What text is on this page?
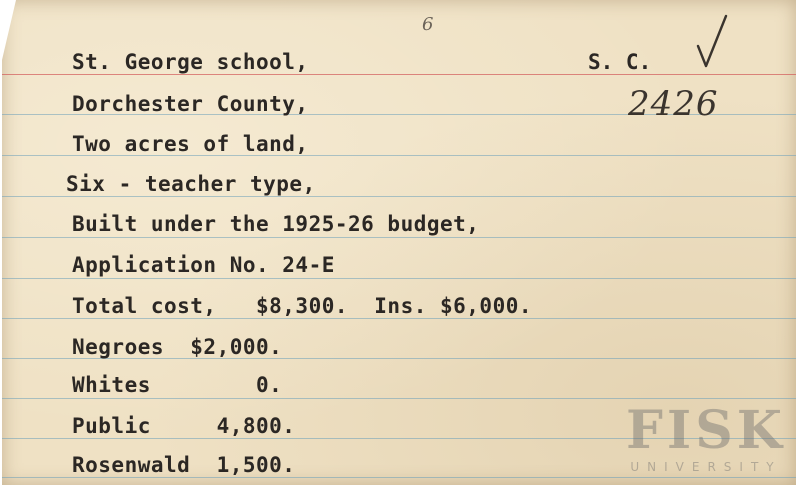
St. George school,
Dorchester County,
Two acres of land,
Six - teacher type,
Built under the 1925-26 budget,
Application No. 24-E
Total cost,   $8,300.  Ins. $6,000.
Negroes  $2,000.
Whites        0.
Public     4,800.
Rosenwald  1,500.
S. C.
6
2426
FISK
UNIVERSITY
